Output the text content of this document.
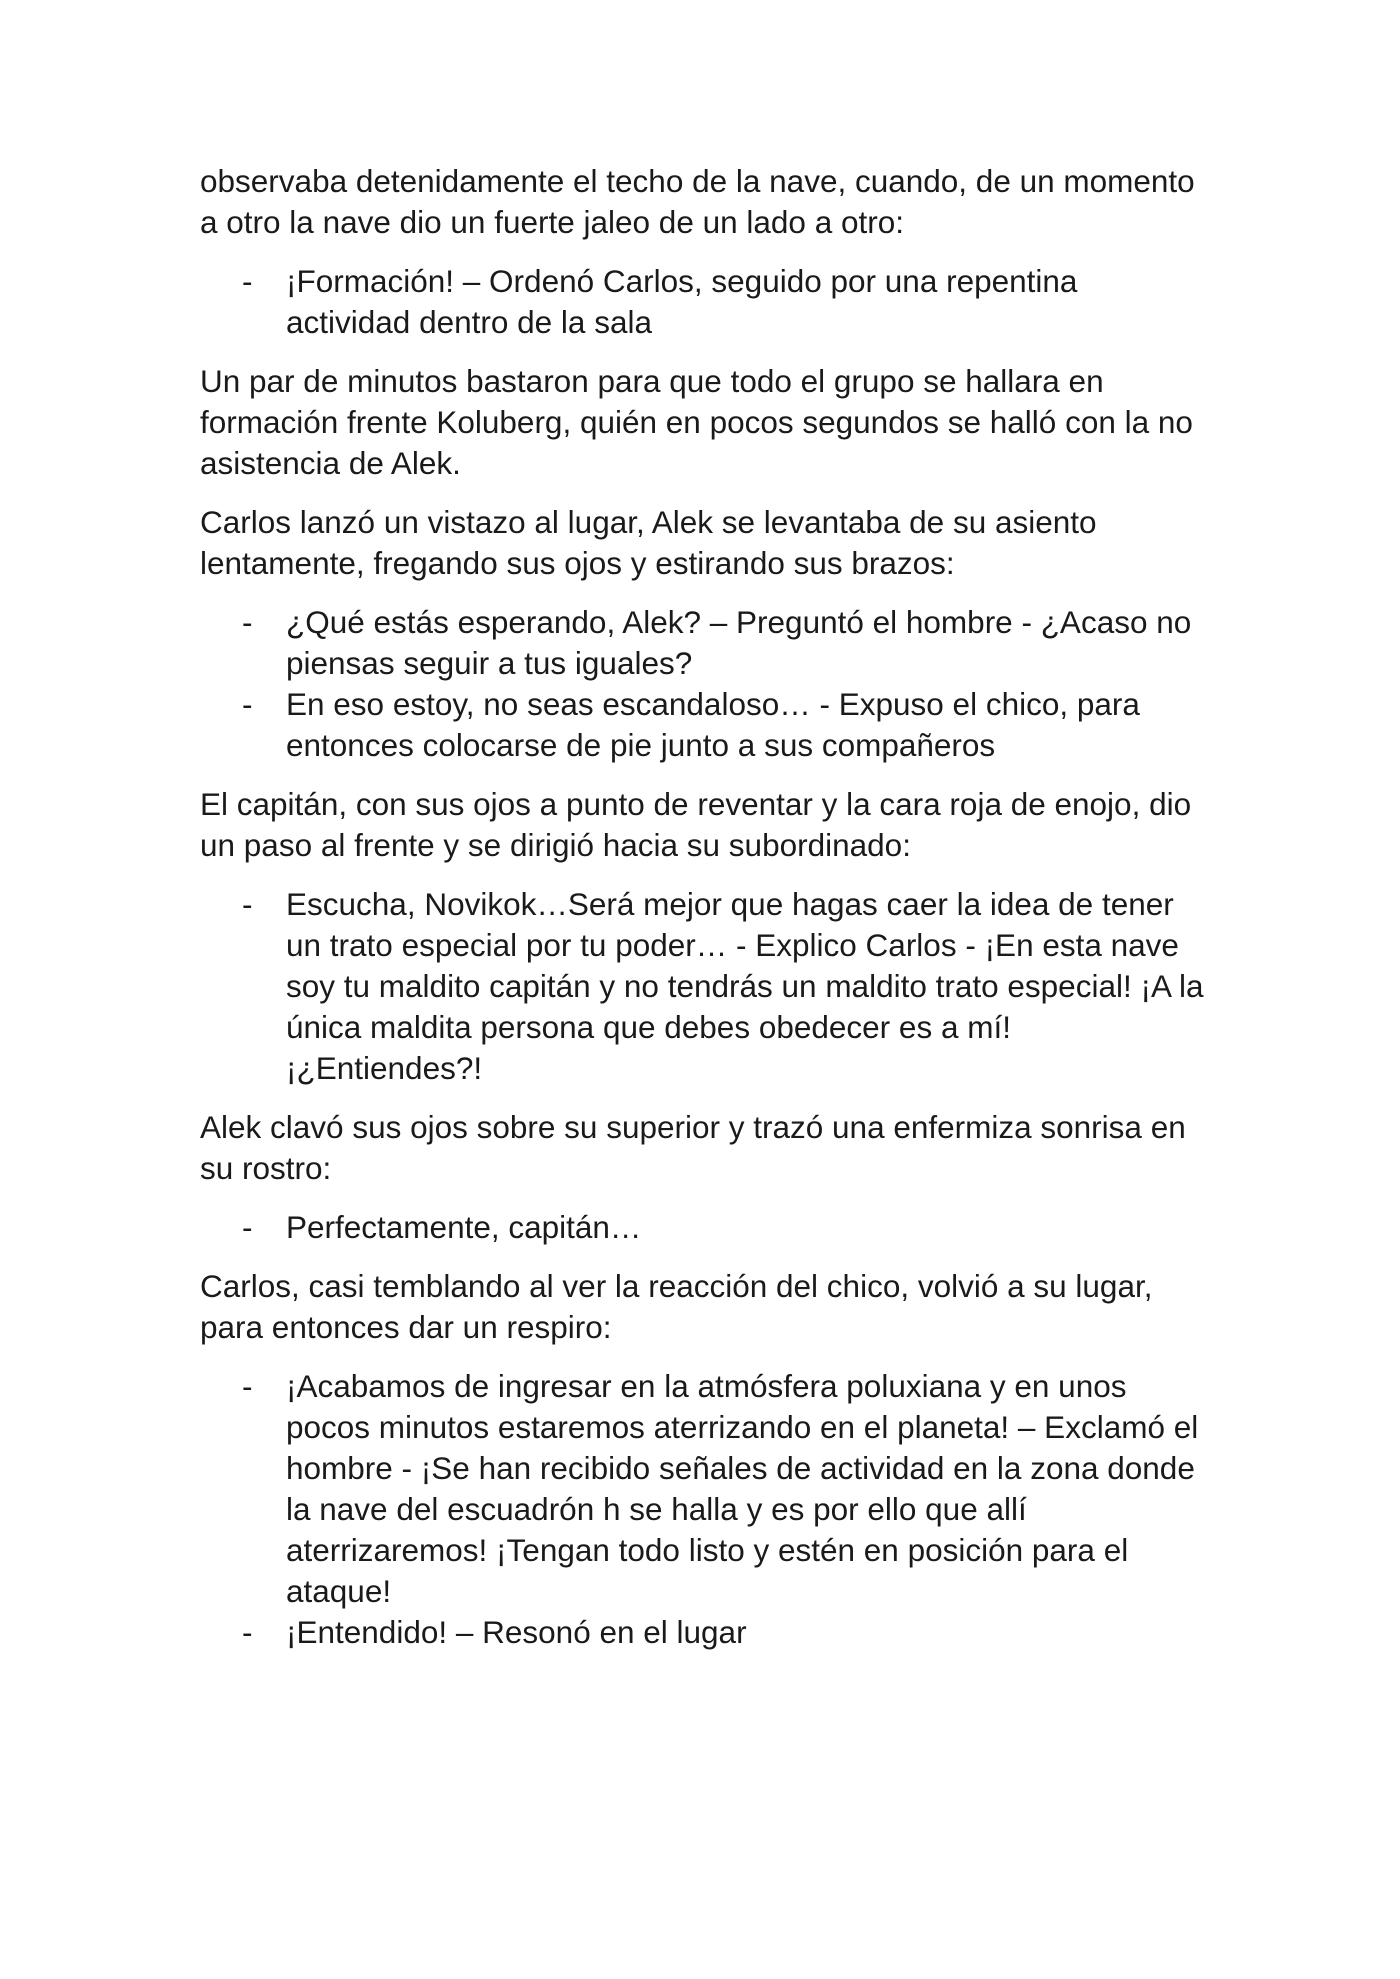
observaba detenidamente el techo de la nave, cuando, de un momento a otro la nave dio un fuerte jaleo de un lado a otro:

- ¡Formación! – Ordenó Carlos, seguido por una repentina actividad dentro de la sala

Un par de minutos bastaron para que todo el grupo se hallara en formación frente Koluberg, quién en pocos segundos se halló con la no asistencia de Alek.

Carlos lanzó un vistazo al lugar, Alek se levantaba de su asiento lentamente, fregando sus ojos y estirando sus brazos:

- ¿Qué estás esperando, Alek? – Preguntó el hombre - ¿Acaso no piensas seguir a tus iguales?
- En eso estoy, no seas escandaloso… - Expuso el chico, para entonces colocarse de pie junto a sus compañeros

El capitán, con sus ojos a punto de reventar y la cara roja de enojo, dio un paso al frente y se dirigió hacia su subordinado:

- Escucha, Novikok…Será mejor que hagas caer la idea de tener un trato especial por tu poder… - Explico Carlos - ¡En esta nave soy tu maldito capitán y no tendrás un maldito trato especial! ¡A la única maldita persona que debes obedecer es a mí! ¡¿Entiendes?!

Alek clavó sus ojos sobre su superior y trazó una enfermiza sonrisa en su rostro:

- Perfectamente, capitán…

Carlos, casi temblando al ver la reacción del chico, volvió a su lugar, para entonces dar un respiro:

- ¡Acabamos de ingresar en la atmósfera poluxiana y en unos pocos minutos estaremos aterrizando en el planeta! – Exclamó el hombre - ¡Se han recibido señales de actividad en la zona donde la nave del escuadrón h se halla y es por ello que allí aterrizaremos! ¡Tengan todo listo y estén en posición para el ataque!
- ¡Entendido! – Resonó en el lugar
